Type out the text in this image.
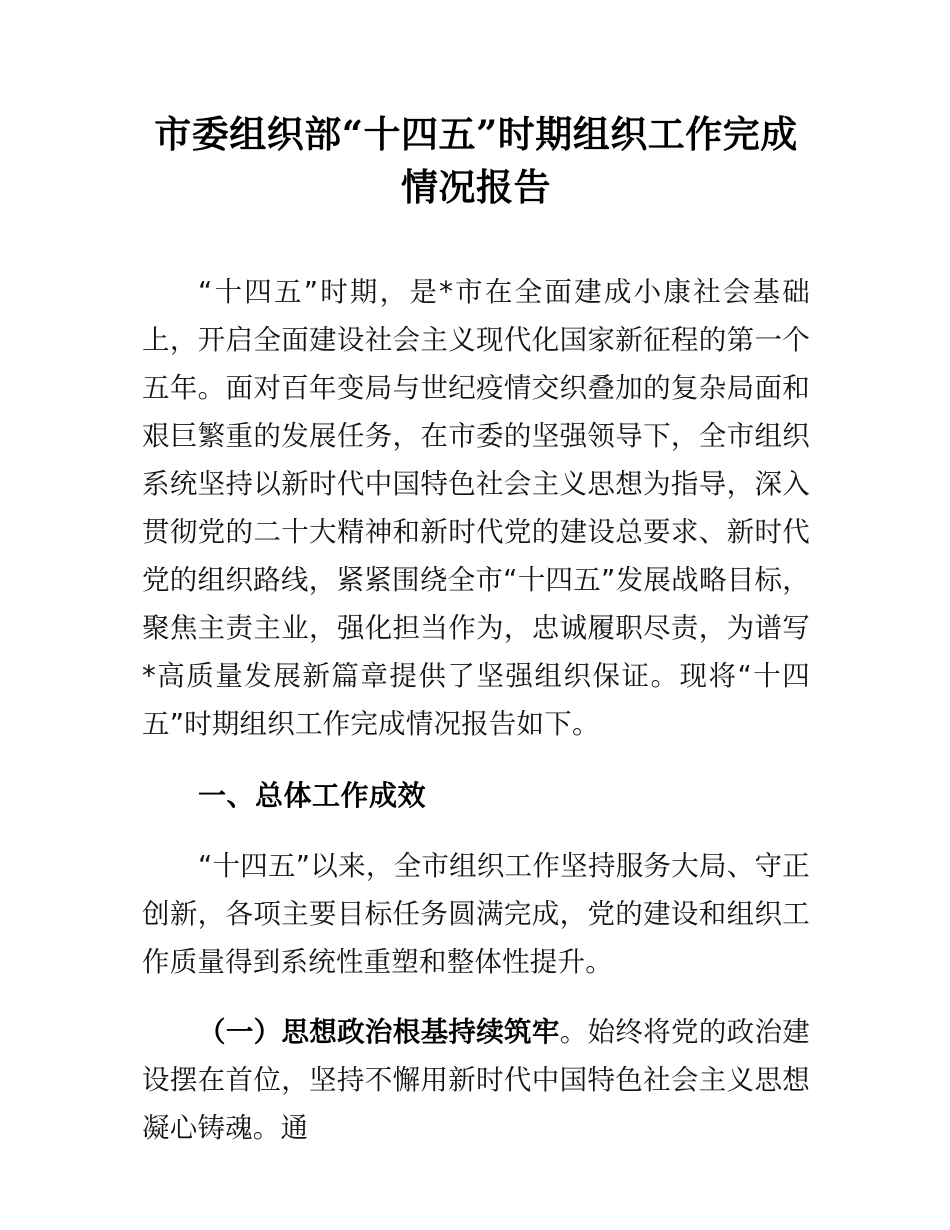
市委组织部“十四五”时期组织工作完成情况报告

“十四五”时期，是*市在全面建成小康社会基础上，开启全面建设社会主义现代化国家新征程的第一个五年。面对百年变局与世纪疫情交织叠加的复杂局面和艰巨繁重的发展任务，在市委的坚强领导下，全市组织系统坚持以新时代中国特色社会主义思想为指导，深入贯彻党的二十大精神和新时代党的建设总要求、新时代党的组织路线，紧紧围绕全市“十四五”发展战略目标，聚焦主责主业，强化担当作为，忠诚履职尽责，为谱写*高质量发展新篇章提供了坚强组织保证。现将“十四五”时期组织工作完成情况报告如下。

一、总体工作成效

“十四五”以来，全市组织工作坚持服务大局、守正创新，各项主要目标任务圆满完成，党的建设和组织工作质量得到系统性重塑和整体性提升。

（一）思想政治根基持续筑牢。始终将党的政治建设摆在首位，坚持不懈用新时代中国特色社会主义思想凝心铸魂。通
